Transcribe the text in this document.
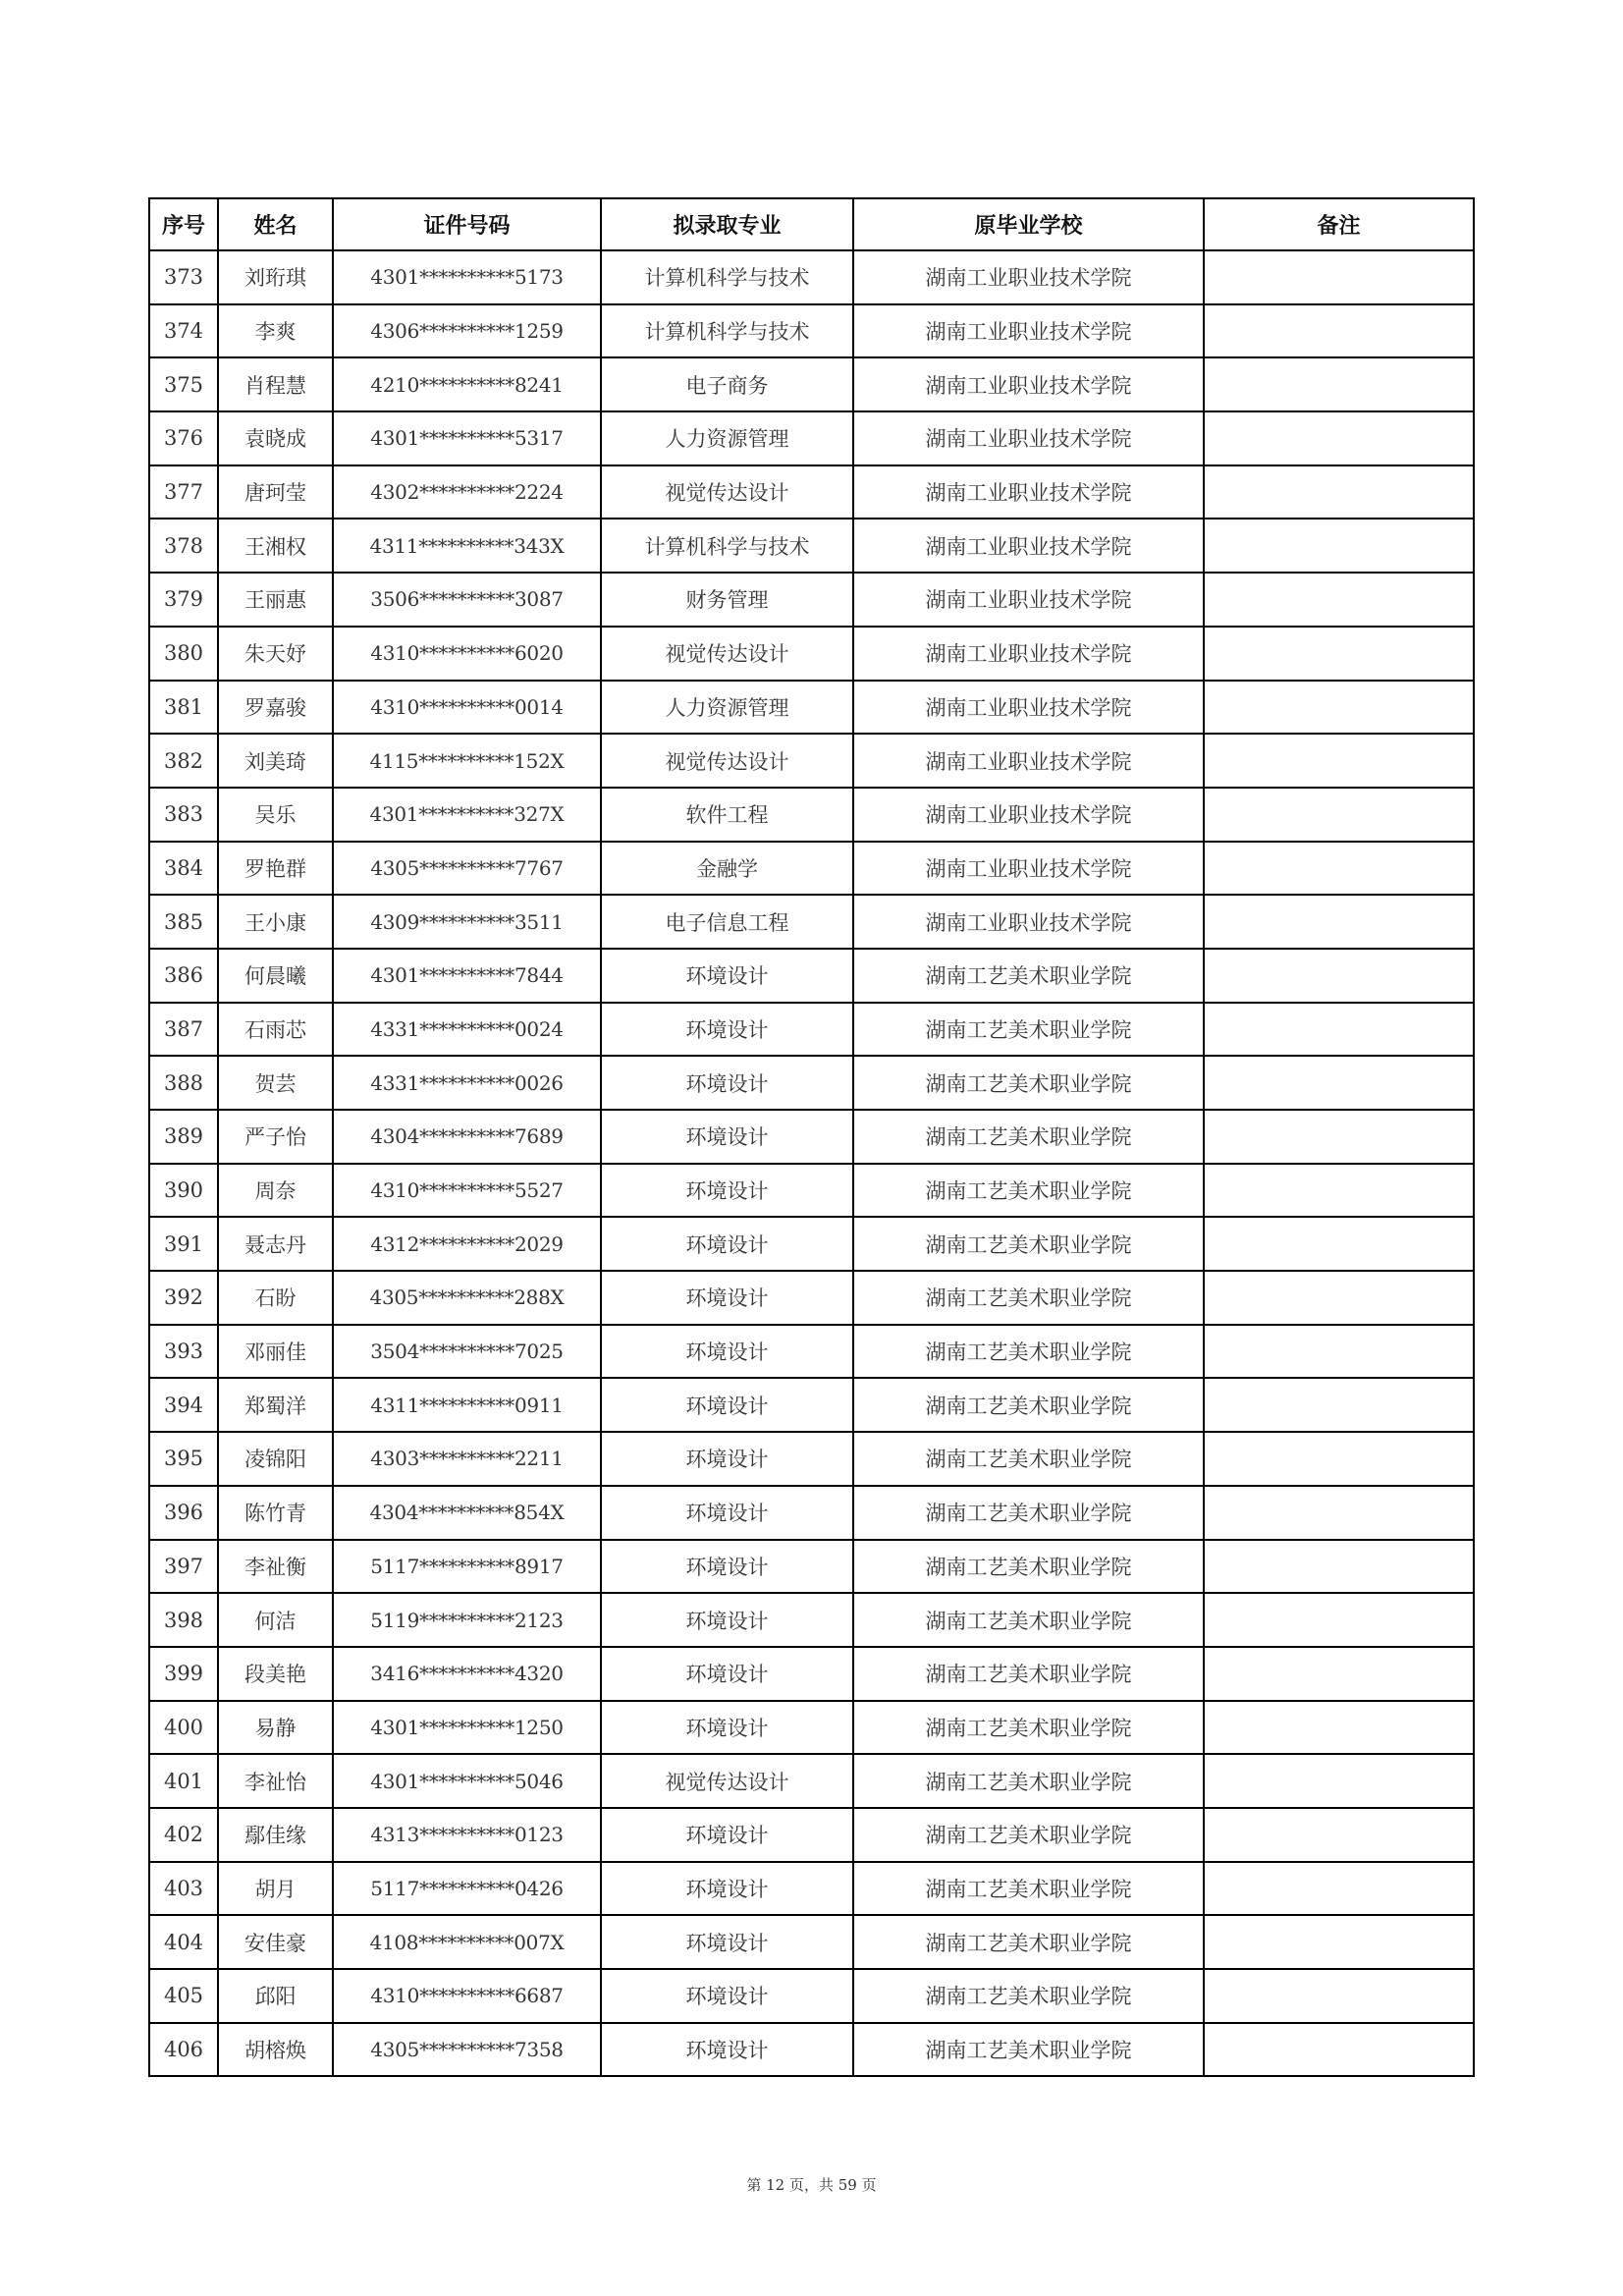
序号	姓名	证件号码	拟录取专业	原毕业学校	备注
373	刘珩琪	4301**********5173	计算机科学与技术	湖南工业职业技术学院	
374	李爽	4306**********1259	计算机科学与技术	湖南工业职业技术学院	
375	肖程慧	4210**********8241	电子商务	湖南工业职业技术学院	
376	袁晓成	4301**********5317	人力资源管理	湖南工业职业技术学院	
377	唐珂莹	4302**********2224	视觉传达设计	湖南工业职业技术学院	
378	王湘权	4311**********343X	计算机科学与技术	湖南工业职业技术学院	
379	王丽惠	3506**********3087	财务管理	湖南工业职业技术学院	
380	朱天妤	4310**********6020	视觉传达设计	湖南工业职业技术学院	
381	罗嘉骏	4310**********0014	人力资源管理	湖南工业职业技术学院	
382	刘美琦	4115**********152X	视觉传达设计	湖南工业职业技术学院	
383	吴乐	4301**********327X	软件工程	湖南工业职业技术学院	
384	罗艳群	4305**********7767	金融学	湖南工业职业技术学院	
385	王小康	4309**********3511	电子信息工程	湖南工业职业技术学院	
386	何晨曦	4301**********7844	环境设计	湖南工艺美术职业学院	
387	石雨芯	4331**********0024	环境设计	湖南工艺美术职业学院	
388	贺芸	4331**********0026	环境设计	湖南工艺美术职业学院	
389	严子怡	4304**********7689	环境设计	湖南工艺美术职业学院	
390	周奈	4310**********5527	环境设计	湖南工艺美术职业学院	
391	聂志丹	4312**********2029	环境设计	湖南工艺美术职业学院	
392	石盼	4305**********288X	环境设计	湖南工艺美术职业学院	
393	邓丽佳	3504**********7025	环境设计	湖南工艺美术职业学院	
394	郑蜀洋	4311**********0911	环境设计	湖南工艺美术职业学院	
395	凌锦阳	4303**********2211	环境设计	湖南工艺美术职业学院	
396	陈竹青	4304**********854X	环境设计	湖南工艺美术职业学院	
397	李祉衡	5117**********8917	环境设计	湖南工艺美术职业学院	
398	何洁	5119**********2123	环境设计	湖南工艺美术职业学院	
399	段美艳	3416**********4320	环境设计	湖南工艺美术职业学院	
400	易静	4301**********1250	环境设计	湖南工艺美术职业学院	
401	李祉怡	4301**********5046	视觉传达设计	湖南工艺美术职业学院	
402	鄢佳缘	4313**********0123	环境设计	湖南工艺美术职业学院	
403	胡月	5117**********0426	环境设计	湖南工艺美术职业学院	
404	安佳豪	4108**********007X	环境设计	湖南工艺美术职业学院	
405	邱阳	4310**********6687	环境设计	湖南工艺美术职业学院	
406	胡榕焕	4305**********7358	环境设计	湖南工艺美术职业学院	
第 12 页，共 59 页
